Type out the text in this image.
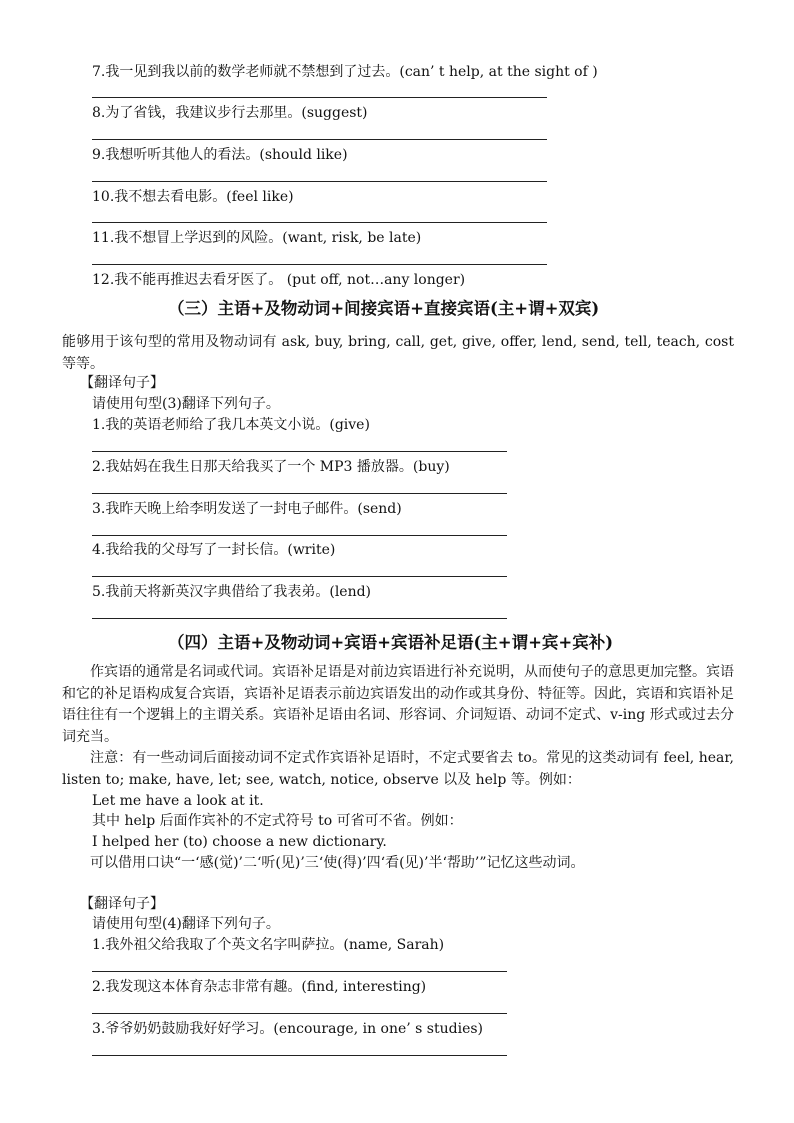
7.我一见到我以前的数学老师就不禁想到了过去。(can’ t help, at the sight of )
8.为了省钱，我建议步行去那里。(suggest)
9.我想听听其他人的看法。(should like)
10.我不想去看电影。(feel like)
11.我不想冒上学迟到的风险。(want, risk, be late)
12.我不能再推迟去看牙医了。 (put off, not…any longer)
（三）主语+及物动词+间接宾语+直接宾语(主+谓+双宾)
能够用于该句型的常用及物动词有 ask, buy, bring, call, get, give, offer, lend, send, tell, teach, cost 等等。
【翻译句子】
请使用句型(3)翻译下列句子。
1.我的英语老师给了我几本英文小说。(give)
2.我姑妈在我生日那天给我买了一个 MP3 播放器。(buy)
3.我昨天晚上给李明发送了一封电子邮件。(send)
4.我给我的父母写了一封长信。(write)
5.我前天将新英汉字典借给了我表弟。(lend)
（四）主语+及物动词+宾语+宾语补足语(主+谓+宾+宾补)
作宾语的通常是名词或代词。宾语补足语是对前边宾语进行补充说明，从而使句子的意思更加完整。宾语和它的补足语构成复合宾语，宾语补足语表示前边宾语发出的动作或其身份、特征等。因此，宾语和宾语补足语往往有一个逻辑上的主谓关系。宾语补足语由名词、形容词、介词短语、动词不定式、v-ing 形式或过去分词充当。
注意：有一些动词后面接动词不定式作宾语补足语时，不定式要省去 to。常见的这类动词有 feel, hear, listen to; make, have, let; see, watch, notice, observe 以及 help 等。例如：
Let me have a look at it.
其中 help 后面作宾补的不定式符号 to 可省可不省。例如：
I helped her (to) choose a new dictionary.
可以借用口诀“一‘感(觉)’二‘听(见)’三‘使(得)’四‘看(见)’半‘帮助’”记忆这些动词。
【翻译句子】
请使用句型(4)翻译下列句子。
1.我外祖父给我取了个英文名字叫萨拉。(name, Sarah)
2.我发现这本体育杂志非常有趣。(find, interesting)
3.爷爷奶奶鼓励我好好学习。(encourage, in one’ s studies)
